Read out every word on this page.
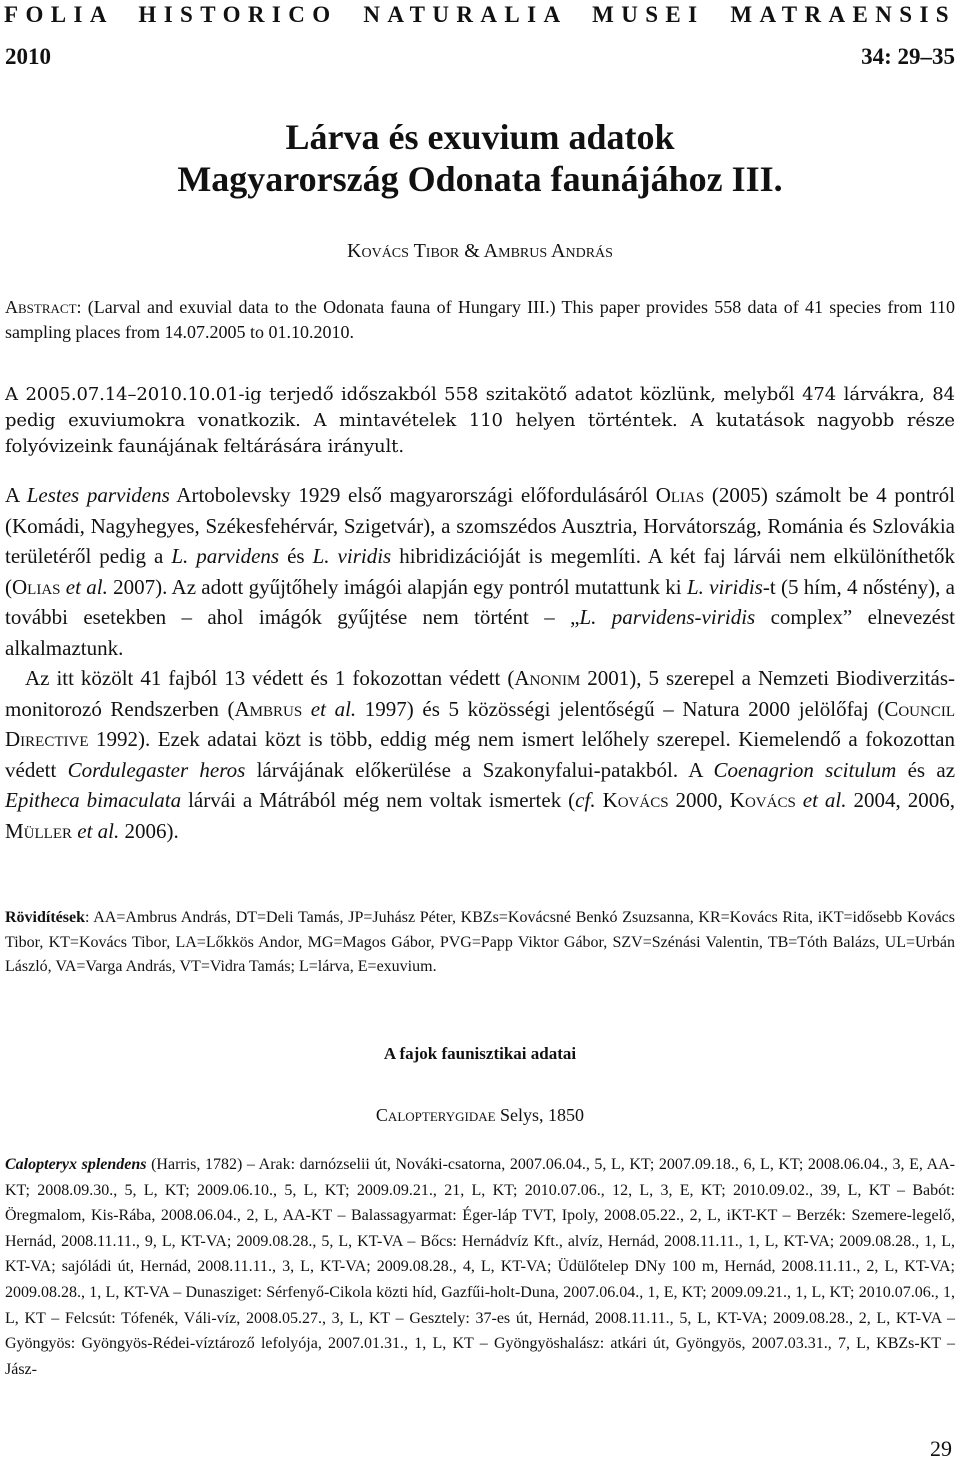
FOLIA HISTORICO NATURALIA MUSEI MATRAENSIS
2010	34: 29–35
Lárva és exuvium adatok
Magyarország Odonata faunájához III.
Kovács Tibor & Ambrus András
Abstract: (Larval and exuvial data to the Odonata fauna of Hungary III.) This paper provides 558 data of 41 species from 110 sampling places from 14.07.2005 to 01.10.2010.
A 2005.07.14–2010.10.01-ig terjedő időszakból 558 szitakötő adatot közlünk, melyből 474 lárvákra, 84 pedig exuviumokra vonatkozik. A mintavételek 110 helyen történtek. A kutatások nagyobb része folyóvizeink faunájának feltárására irányult.

A Lestes parvidens Artobolevsky 1929 első magyarországi előfordulásáról Olias (2005) számolt be 4 pontról (Komádi, Nagyhegyes, Székesfehérvár, Szigetvár), a szomszédos Ausztria, Horvátország, Románia és Szlovákia területéről pedig a L. parvidens és L. viridis hibridizációját is megemlíti. A két faj lárvái nem elkülöníthetők (Olias et al. 2007). Az adott gyűjtőhely imágói alapján egy pontról mutattunk ki L. viridis-t (5 hím, 4 nőstény), a további esetekben – ahol imágók gyűjtése nem történt – „L. parvidens-viridis complex” elnevezést alkalmaztunk.

Az itt közölt 41 fajból 13 védett és 1 fokozottan védett (Anonim 2001), 5 szerepel a Nemzeti Biodiverzitás-monitorozó Rendszerben (Ambrus et al. 1997) és 5 közösségi jelentőségű – Natura 2000 jelölőfaj (Council Directive 1992). Ezek adatai közt is több, eddig még nem ismert lelőhely szerepel. Kiemelendő a fokozottan védett Cordulegaster heros lárvájának előkerülése a Szakonyfalui-patakból. A Coenagrion scitulum és az Epitheca bimaculata lárvái a Mátrából még nem voltak ismertek (cf. Kovács 2000, Kovács et al. 2004, 2006, Müller et al. 2006).

Rövidítések: AA=Ambrus András, DT=Deli Tamás, JP=Juhász Péter, KBZs=Kovácsné Benkó Zsuzsanna, KR=Kovács Rita, iKT=idősebb Kovács Tibor, KT=Kovács Tibor, LA=Lőkkös Andor, MG=Magos Gábor, PVG=Papp Viktor Gábor, SZV=Szénási Valentin, TB=Tóth Balázs, UL=Urbán László, VA=Varga András, VT=Vidra Tamás; L=lárva, E=exuvium.
A fajok faunisztikai adatai
Calopterygidae Selys, 1850
Calopteryx splendens (Harris, 1782) – Arak: darnózselii út, Nováki-csatorna, 2007.06.04., 5, L, KT; 2007.09.18., 6, L, KT; 2008.06.04., 3, E, AA-KT; 2008.09.30., 5, L, KT; 2009.06.10., 5, L, KT; 2009.09.21., 21, L, KT; 2010.07.06., 12, L, 3, E, KT; 2010.09.02., 39, L, KT – Babót: Öregmalom, Kis-Rába, 2008.06.04., 2, L, AA-KT – Balassagyarmat: Éger-láp TVT, Ipoly, 2008.05.22., 2, L, iKT-KT – Berzék: Szemere-legelő, Hernád, 2008.11.11., 9, L, KT-VA; 2009.08.28., 5, L, KT-VA – Bőcs: Hernádvíz Kft., alvíz, Hernád, 2008.11.11., 1, L, KT-VA; 2009.08.28., 1, L, KT-VA; sajóládi út, Hernád, 2008.11.11., 3, L, KT-VA; 2009.08.28., 4, L, KT-VA; Üdülőtelep DNy 100 m, Hernád, 2008.11.11., 2, L, KT-VA; 2009.08.28., 1, L, KT-VA – Dunasziget: Sérfenyő-Cikola közti híd, Gazfűi-holt-Duna, 2007.06.04., 1, E, KT; 2009.09.21., 1, L, KT; 2010.07.06., 1, L, KT – Felcsút: Tófenék, Váli-víz, 2008.05.27., 3, L, KT – Gesztely: 37-es út, Hernád, 2008.11.11., 5, L, KT-VA; 2009.08.28., 2, L, KT-VA – Gyöngyös: Gyöngyös-Rédei-víztároző lefolyója, 2007.01.31., 1, L, KT – Gyöngyöshalász: atkári út, Gyöngyös, 2007.03.31., 7, L, KBZs-KT – Jász-
29
